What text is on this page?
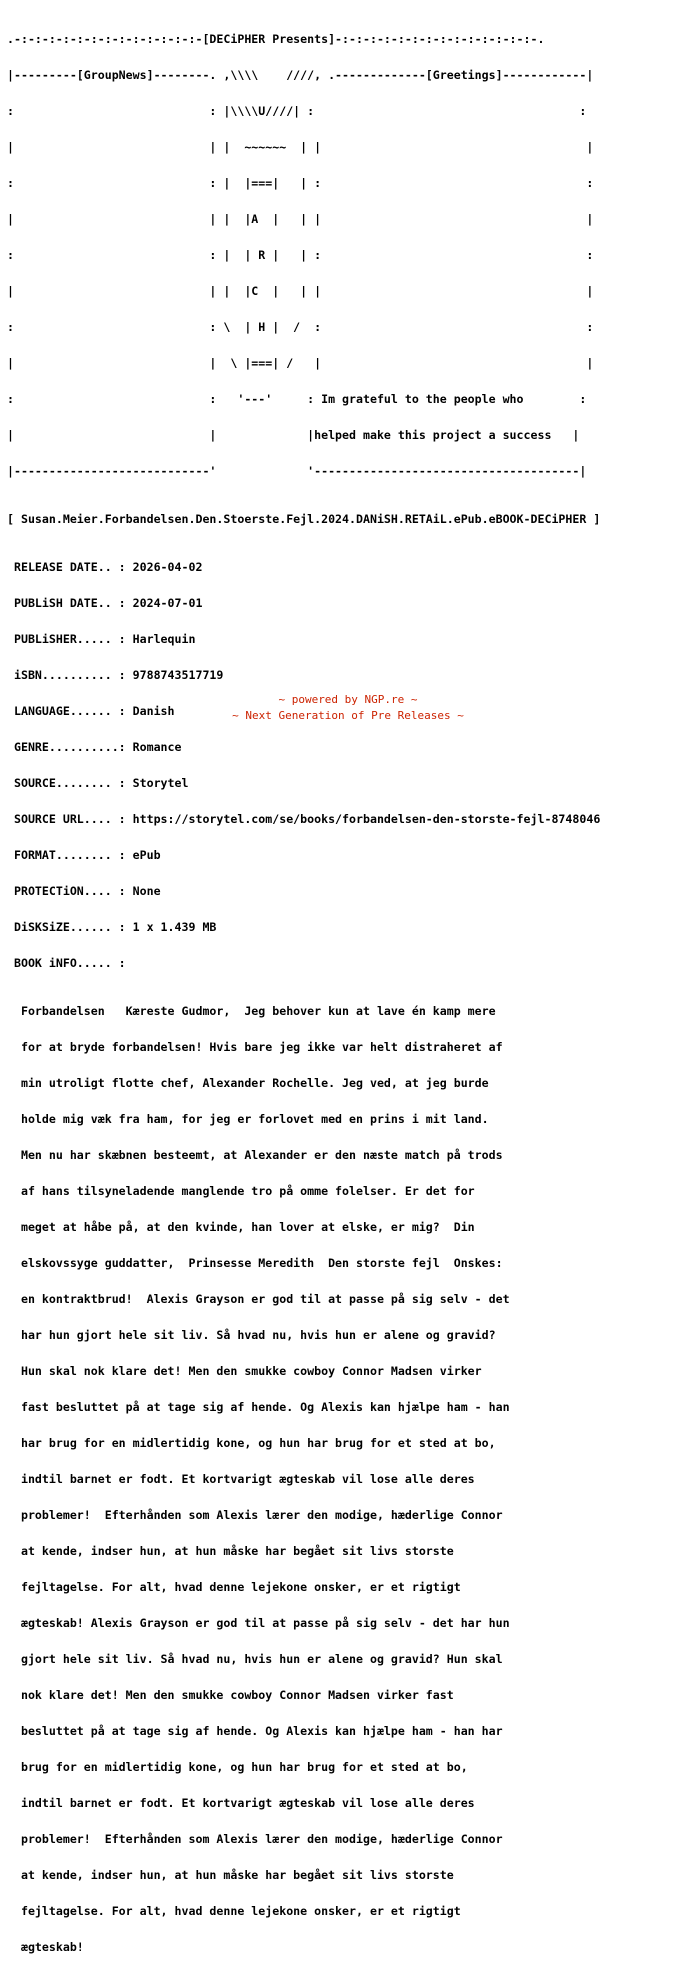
.-:-:-:-:-:-:-:-:-:-:-:-:-:-[DECiPHER Presents]-:-:-:-:-:-:-:-:-:-:-:-:-:-:-.

|---------[GroupNews]--------. ,\\\\    ////, .-------------[Greetings]------------|

:                            : |\\\\U////| :                                      :

|                            | |  ~~~~~~  | |                                      |

:                            : |  |===|   | :                                      :

|                            | |  |A  |   | |                                      |

:                            : |  | R |   | :                                      :

|                            | |  |C  |   | |                                      |

:                            : \  | H |  /  :                                      :

|                            |  \ |===| /   |                                      |

:                            :   '---'     : Im grateful to the people who        :

|                            |             |helped make this project a success   |

|----------------------------'             '--------------------------------------|

[ Susan.Meier.Forbandelsen.Den.Stoerste.Fejl.2024.DANiSH.RETAiL.ePub.eBOOK-DECiPHER ]

RELEASE DATE.. : 2026-04-02

PUBLiSH DATE.. : 2024-07-01

PUBLiSHER..... : Harlequin

iSBN.......... : 9788743517719

LANGUAGE...... : Danish

GENRE..........: Romance

SOURCE........ : Storytel

SOURCE URL.... : https://storytel.com/se/books/forbandelsen-den-storste-fejl-8748046

FORMAT........ : ePub

PROTECTiON.... : None

DiSKSiZE...... : 1 x 1.439 MB

BOOK iNFO..... :

Forbandelsen   Kæreste Gudmor,  Jeg behover kun at lave én kamp mere

for at bryde forbandelsen! Hvis bare jeg ikke var helt distraheret af

min utroligt flotte chef, Alexander Rochelle. Jeg ved, at jeg burde

holde mig væk fra ham, for jeg er forlovet med en prins i mit land.

Men nu har skæbnen besteemt, at Alexander er den næste match på trods

af hans tilsyneladende manglende tro på omme folelser. Er det for

meget at håbe på, at den kvinde, han lover at elske, er mig?  Din

elskovssyge guddatter,  Prinsesse Meredith  Den storste fejl  Onskes:

en kontraktbrud!  Alexis Grayson er god til at passe på sig selv - det

har hun gjort hele sit liv. Så hvad nu, hvis hun er alene og gravid?

Hun skal nok klare det! Men den smukke cowboy Connor Madsen virker

fast besluttet på at tage sig af hende. Og Alexis kan hjælpe ham - han

har brug for en midlertidig kone, og hun har brug for et sted at bo,

indtil barnet er fodt. Et kortvarigt ægteskab vil lose alle deres

problemer!  Efterhånden som Alexis lærer den modige, hæderlige Connor

at kende, indser hun, at hun måske har begået sit livs storste

fejltagelse. For alt, hvad denne lejekone onsker, er et rigtigt

ægteskab! Alexis Grayson er god til at passe på sig selv - det har hun

gjort hele sit liv. Så hvad nu, hvis hun er alene og gravid? Hun skal

nok klare det! Men den smukke cowboy Connor Madsen virker fast

besluttet på at tage sig af hende. Og Alexis kan hjælpe ham - han har

brug for en midlertidig kone, og hun har brug for et sted at bo,

indtil barnet er fodt. Et kortvarigt ægteskab vil lose alle deres

problemer!  Efterhånden som Alexis lærer den modige, hæderlige Connor

at kende, indser hun, at hun måske har begået sit livs storste

fejltagelse. For alt, hvad denne lejekone onsker, er et rigtigt

ægteskab!

~ powered by NGP.re ~
~ Next Generation of Pre Releases ~
